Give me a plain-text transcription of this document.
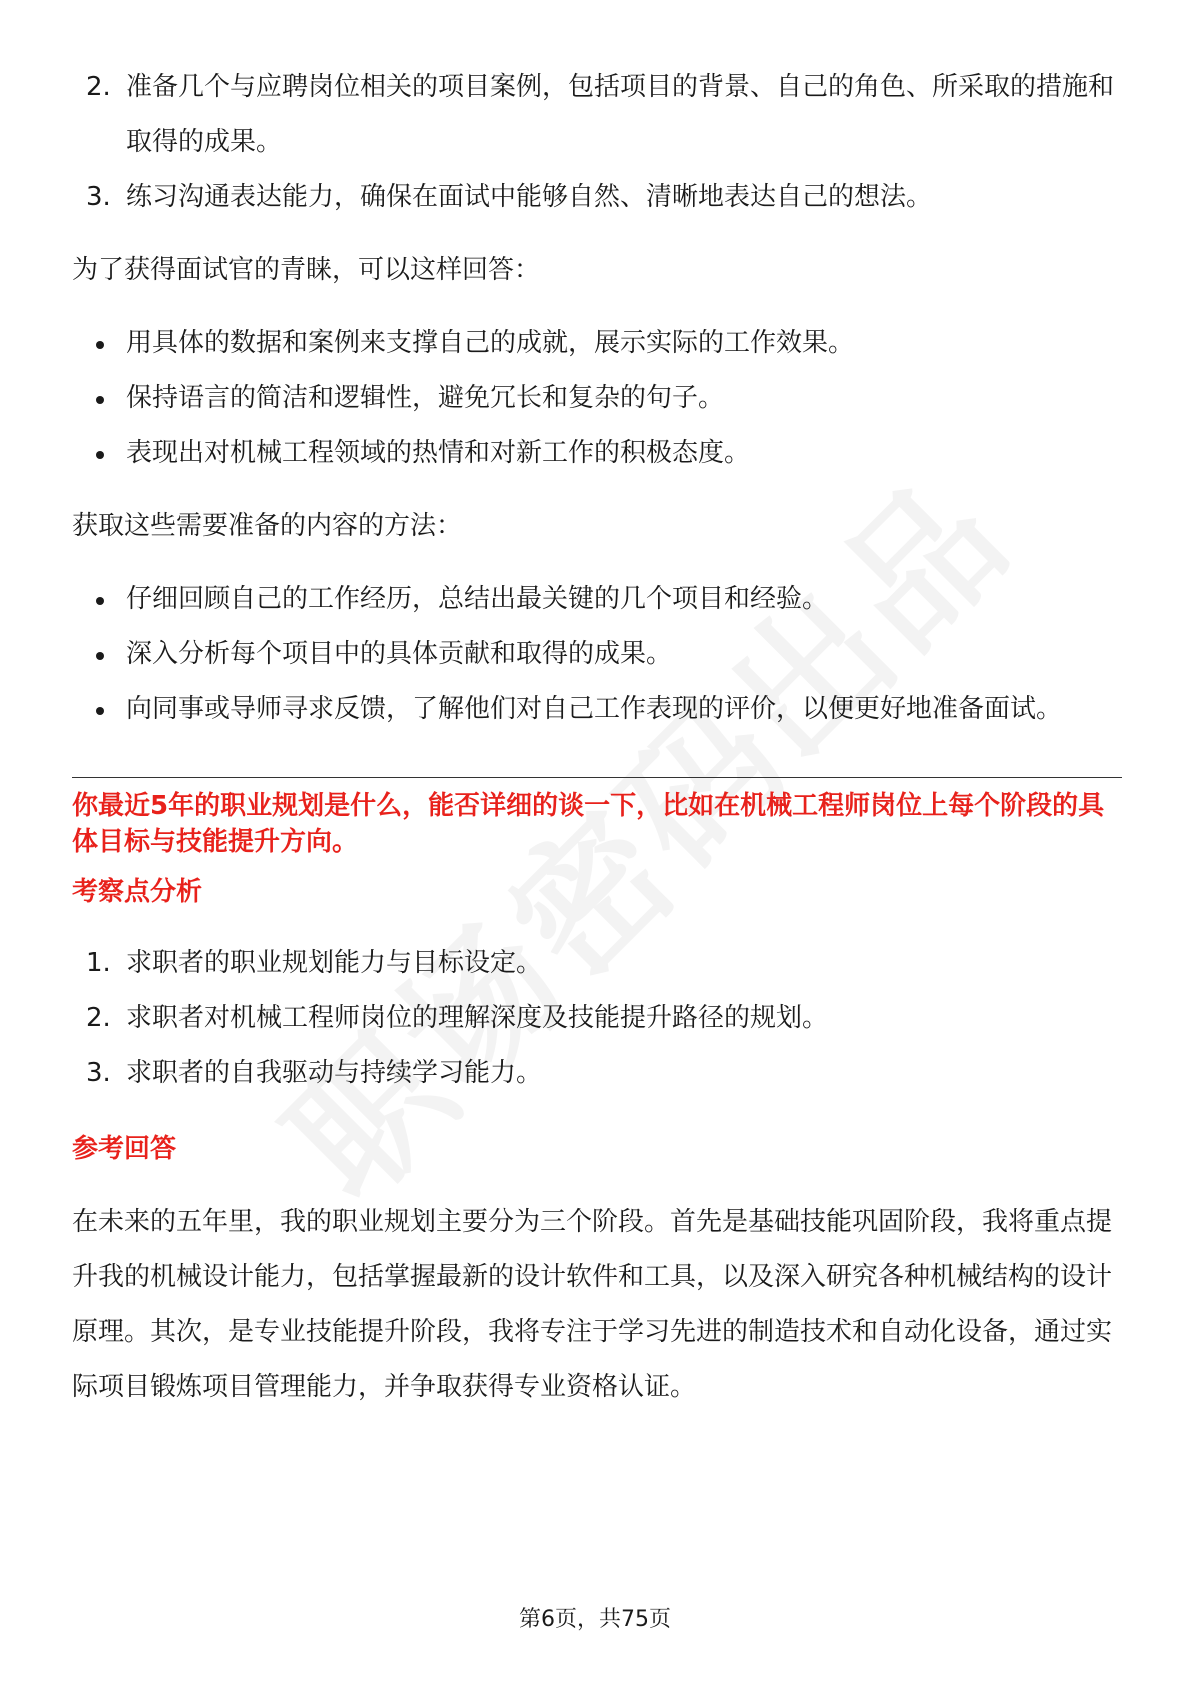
2. 准备几个与应聘岗位相关的项目案例，包括项目的背景、自己的角色、所采取的措施和取得的成果。
3. 练习沟通表达能力，确保在面试中能够自然、清晰地表达自己的想法。

为了获得面试官的青睐，可以这样回答：

用具体的数据和案例来支撑自己的成就，展示实际的工作效果。
保持语言的简洁和逻辑性，避免冗长和复杂的句子。
表现出对机械工程领域的热情和对新工作的积极态度。

获取这些需要准备的内容的方法：

仔细回顾自己的工作经历，总结出最关键的几个项目和经验。
深入分析每个项目中的具体贡献和取得的成果。
向同事或导师寻求反馈，了解他们对自己工作表现的评价，以便更好地准备面试。

你最近5年的职业规划是什么，能否详细的谈一下，比如在机械工程师岗位上每个阶段的具体目标与技能提升方向。

考察点分析
1. 求职者的职业规划能力与目标设定。
2. 求职者对机械工程师岗位的理解深度及技能提升路径的规划。
3. 求职者的自我驱动与持续学习能力。
参考回答

在未来的五年里，我的职业规划主要分为三个阶段。首先是基础技能巩固阶段，我将重点提升我的机械设计能力，包括掌握最新的设计软件和工具，以及深入研究各种机械结构的设计原理。其次，是专业技能提升阶段，我将专注于学习先进的制造技术和自动化设备，通过实际项目锻炼项目管理能力，并争取获得专业资格认证。

第6页，共75页
